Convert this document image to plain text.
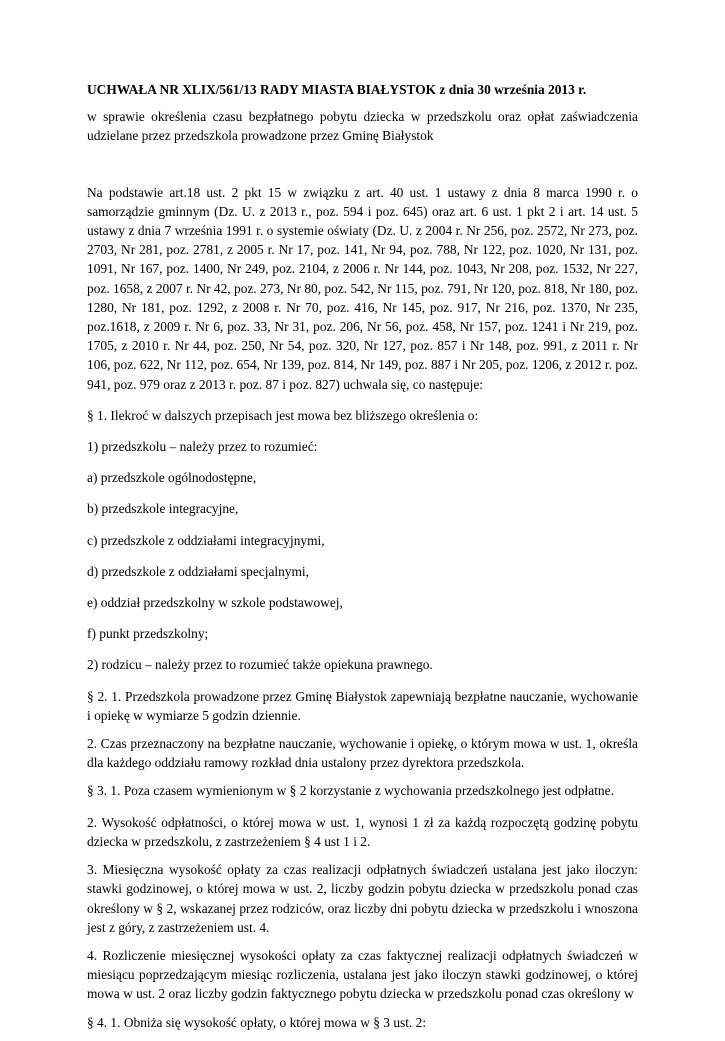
UCHWAŁA NR XLIX/561/13 RADY MIASTA BIAŁYSTOK z dnia 30 września 2013 r.
w sprawie określenia czasu bezpłatnego pobytu dziecka w przedszkolu oraz opłat zaświadczenia udzielane przez przedszkola prowadzone przez Gminę Białystok
Na podstawie art.18 ust. 2 pkt 15 w związku z art. 40 ust. 1 ustawy z dnia 8 marca 1990 r. o samorządzie gminnym (Dz. U. z 2013 r., poz. 594 i poz. 645) oraz art. 6 ust. 1 pkt 2 i art. 14 ust. 5 ustawy z dnia 7 września 1991 r. o systemie oświaty (Dz. U. z 2004 r. Nr 256, poz. 2572, Nr 273, poz. 2703, Nr 281, poz. 2781, z 2005 r. Nr 17, poz. 141, Nr 94, poz. 788, Nr 122, poz. 1020, Nr 131, poz. 1091, Nr 167, poz. 1400, Nr 249, poz. 2104, z 2006 r. Nr 144, poz. 1043, Nr 208, poz. 1532, Nr 227, poz. 1658, z 2007 r. Nr 42, poz. 273, Nr 80, poz. 542, Nr 115, poz. 791, Nr 120, poz. 818, Nr 180, poz. 1280, Nr 181, poz. 1292, z 2008 r. Nr 70, poz. 416, Nr 145, poz. 917, Nr 216, poz. 1370, Nr 235, poz.1618, z 2009 r. Nr 6, poz. 33, Nr 31, poz. 206, Nr 56, poz. 458, Nr 157, poz. 1241 i Nr 219, poz. 1705, z 2010 r. Nr 44, poz. 250, Nr 54, poz. 320, Nr 127, poz. 857 i Nr 148, poz. 991, z 2011 r. Nr 106, poz. 622, Nr 112, poz. 654, Nr 139, poz. 814, Nr 149, poz. 887 i Nr 205, poz. 1206, z 2012 r. poz. 941, poz. 979 oraz z 2013 r. poz. 87 i poz. 827) uchwala się, co następuje:
§ 1. Ilekroć w dalszych przepisach jest mowa bez bliższego określenia o:
1) przedszkolu – należy przez to rozumieć:
a) przedszkole ogólnodostępne,
b) przedszkole integracyjne,
c) przedszkole z oddziałami integracyjnymi,
d) przedszkole z oddziałami specjalnymi,
e) oddział przedszkolny w szkole podstawowej,
f) punkt przedszkolny;
2) rodzicu – należy przez to rozumieć także opiekuna prawnego.
§ 2. 1. Przedszkola prowadzone przez Gminę Białystok zapewniają bezpłatne nauczanie, wychowanie i opiekę w wymiarze 5 godzin dziennie.
2. Czas przeznaczony na bezpłatne nauczanie, wychowanie i opiekę, o którym mowa w ust. 1, określa dla każdego oddziału ramowy rozkład dnia ustalony przez dyrektora przedszkola.
§ 3. 1. Poza czasem wymienionym w § 2 korzystanie z wychowania przedszkolnego jest odpłatne.
2. Wysokość odpłatności, o której mowa w ust. 1, wynosi 1 zł za każdą rozpoczętą godzinę pobytu dziecka w przedszkolu, z zastrzeżeniem § 4 ust 1 i 2.
3. Miesięczna wysokość opłaty za czas realizacji odpłatnych świadczeń ustalana jest jako iloczyn: stawki godzinowej, o której mowa w ust. 2, liczby godzin pobytu dziecka w przedszkolu ponad czas określony w § 2, wskazanej przez rodziców, oraz liczby dni pobytu dziecka w przedszkolu i wnoszona jest z góry, z zastrzeżeniem ust. 4.
4. Rozliczenie miesięcznej wysokości opłaty za czas faktycznej realizacji odpłatnych świadczeń w miesiącu poprzedzającym miesiąc rozliczenia, ustalana jest jako iloczyn stawki godzinowej, o której mowa w ust. 2 oraz liczby godzin faktycznego pobytu dziecka w przedszkolu ponad czas określony w
§ 4. 1. Obniża się wysokość opłaty, o której mowa w § 3 ust. 2:
